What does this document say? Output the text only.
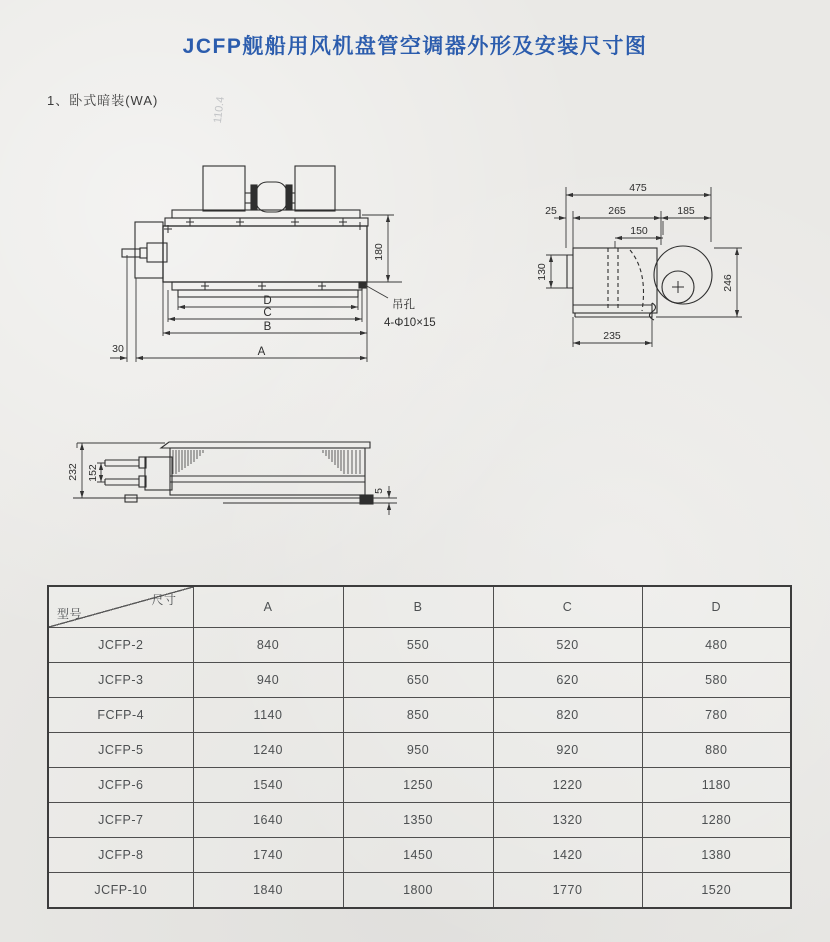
JCFP舰船用风机盘管空调器外形及安装尺寸图
1、卧式暗装(WA)	110.4
180
吊孔
4-Φ10×15
D
C
B
A
30
475
25	265	185
150
130
246
235
232 152
5
尺寸
型号	A	B	C	D
JCFP-2	840	550	520	480
JCFP-3	940	650	620	580
FCFP-4	1140	850	820	780
JCFP-5	1240	950	920	880
JCFP-6	1540	1250	1220	1180
JCFP-7	1640	1350	1320	1280
JCFP-8	1740	1450	1420	1380
JCFP-10	1840	1800	1770	1520
